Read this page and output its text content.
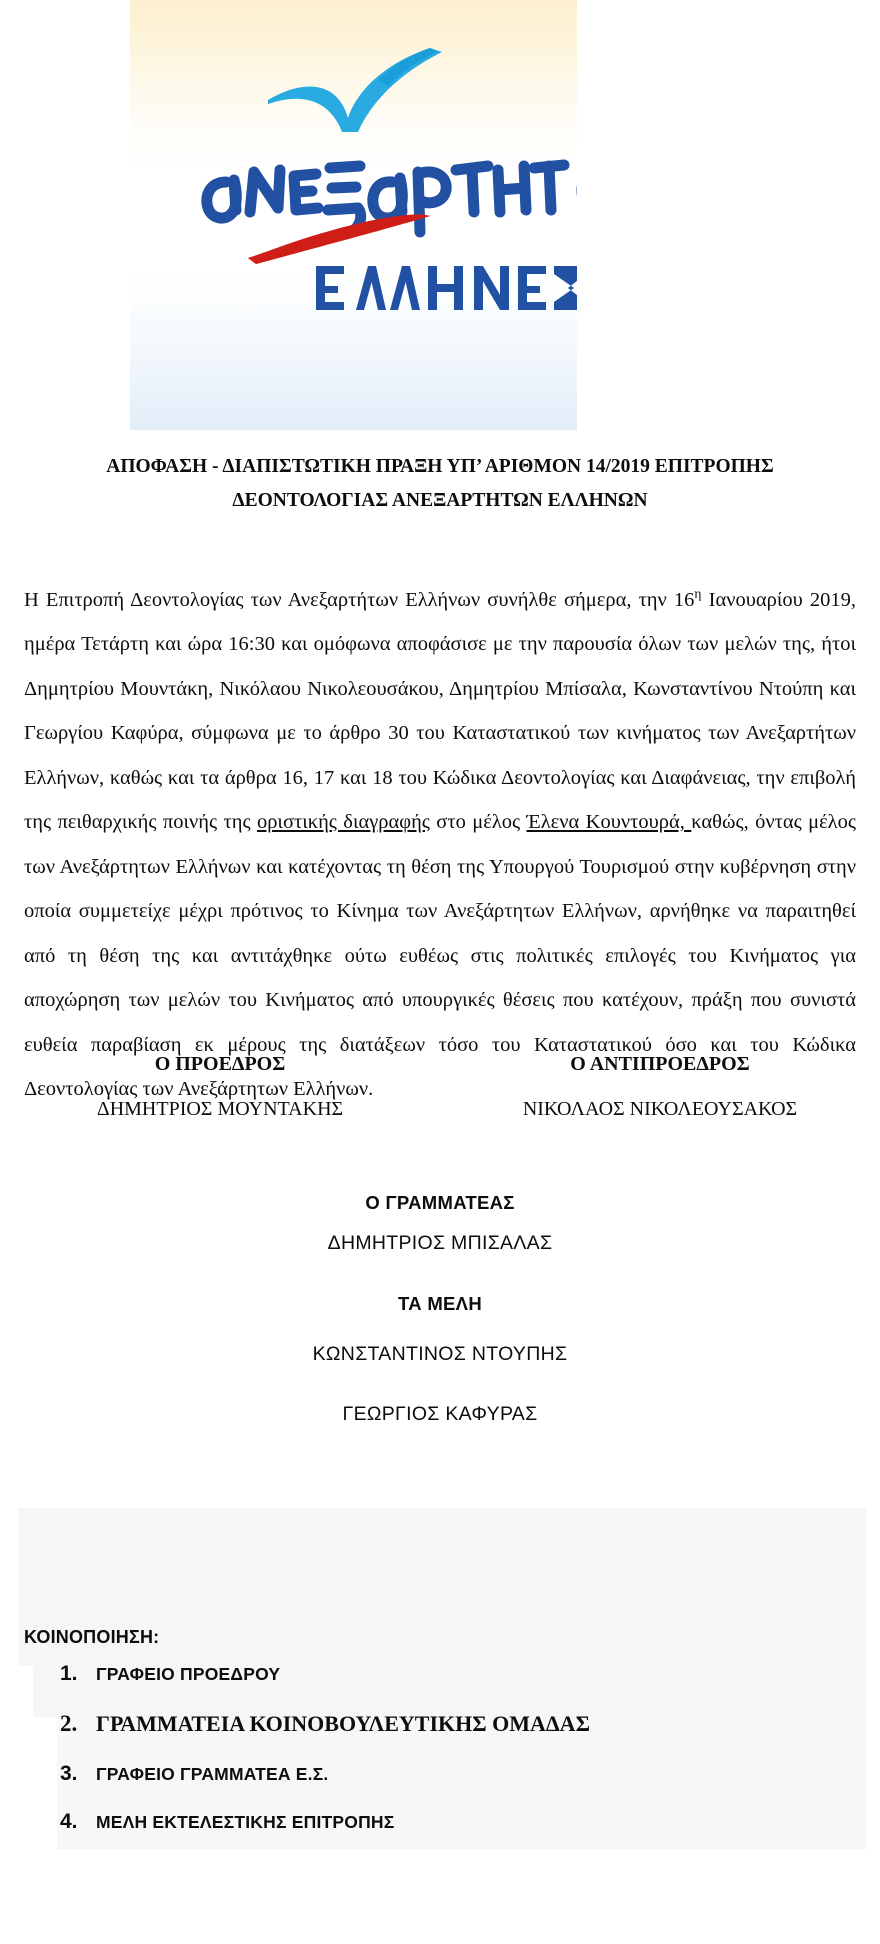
ΑΠΟΦΑΣΗ - ΔΙΑΠΙΣΤΩΤΙΚΗ ΠΡΑΞΗ ΥΠ’ ΑΡΙΘΜΟΝ 14/2019 ΕΠΙΤΡΟΠΗΣ
ΔΕΟΝΤΟΛΟΓΙΑΣ ΑΝΕΞΑΡΤΗΤΩΝ ΕΛΛΗΝΩΝ

Η Επιτροπή Δεοντολογίας των Ανεξαρτήτων Ελλήνων συνήλθε σήμερα, την $16^\eta$ Ιανουαρίου 2019, ημέρα Τετάρτη και ώρα 16:30 και ομόφωνα αποφάσισε με την παρουσία όλων των μελών της, ήτοι Δημητρίου Μουντάκη, Νικόλαου Νικολεουσάκου, Δημητρίου Μπίσαλα, Κωνσταντίνου Ντούπη και Γεωργίου Καφύρα, σύμφωνα με το άρθρο 30 του Καταστατικού των κινήματος των Ανεξαρτήτων Ελλήνων, καθώς και τα άρθρα 16, 17 και 18 του Κώδικα Δεοντολογίας και Διαφάνειας, την επιβολή της πειθαρχικής ποινής της οριστικής διαγραφής στο μέλος Έλενα Κουντουρά, καθώς, όντας μέλος των Ανεξάρτητων Ελλήνων και κατέχοντας τη θέση της Υπουργού Τουρισμού στην κυβέρνηση στην οποία συμμετείχε μέχρι πρότινος το Κίνημα των Ανεξάρτητων Ελλήνων, αρνήθηκε να παραιτηθεί από τη θέση της και αντιτάχθηκε ούτω ευθέως στις πολιτικές επιλογές του Κινήματος για αποχώρηση των μελών του Κινήματος από υπουργικές θέσεις που κατέχουν, πράξη που συνιστά ευθεία παραβίαση εκ μέρους της διατάξεων τόσο του Καταστατικού όσο και του Κώδικα Δεοντολογίας των Ανεξάρτητων Ελλήνων.

Ο ΠΡΟΕΔΡΟΣ	Ο ΑΝΤΙΠΡΟΕΔΡΟΣ
ΔΗΜΗΤΡΙΟΣ ΜΟΥΝΤΑΚΗΣ	ΝΙΚΟΛΑΟΣ ΝΙΚΟΛΕΟΥΣΑΚΟΣ
Ο ΓΡΑΜΜΑΤΕΑΣ
ΔΗΜΗΤΡΙΟΣ ΜΠΙΣΑΛΑΣ
ΤΑ ΜΕΛΗ
ΚΩΝΣΤΑΝΤΙΝΟΣ ΝΤΟΥΠΗΣ
ΓΕΩΡΓΙΟΣ ΚΑΦΥΡΑΣ
ΚΟΙΝΟΠΟΙΗΣΗ:
1.	ΓΡΑΦΕΙΟ ΠΡΟΕΔΡΟΥ
2. ΓΡΑΜΜΑΤΕΙΑ ΚΟΙΝΟΒΟΥΛΕΥΤΙΚΗΣ ΟΜΑΔΑΣ
3.	ΓΡΑΦΕΙΟ ΓΡΑΜΜΑΤΕΑ Ε.Σ.
4.	ΜΕΛΗ ΕΚΤΕΛΕΣΤΙΚΗΣ ΕΠΙΤΡΟΠΗΣ
